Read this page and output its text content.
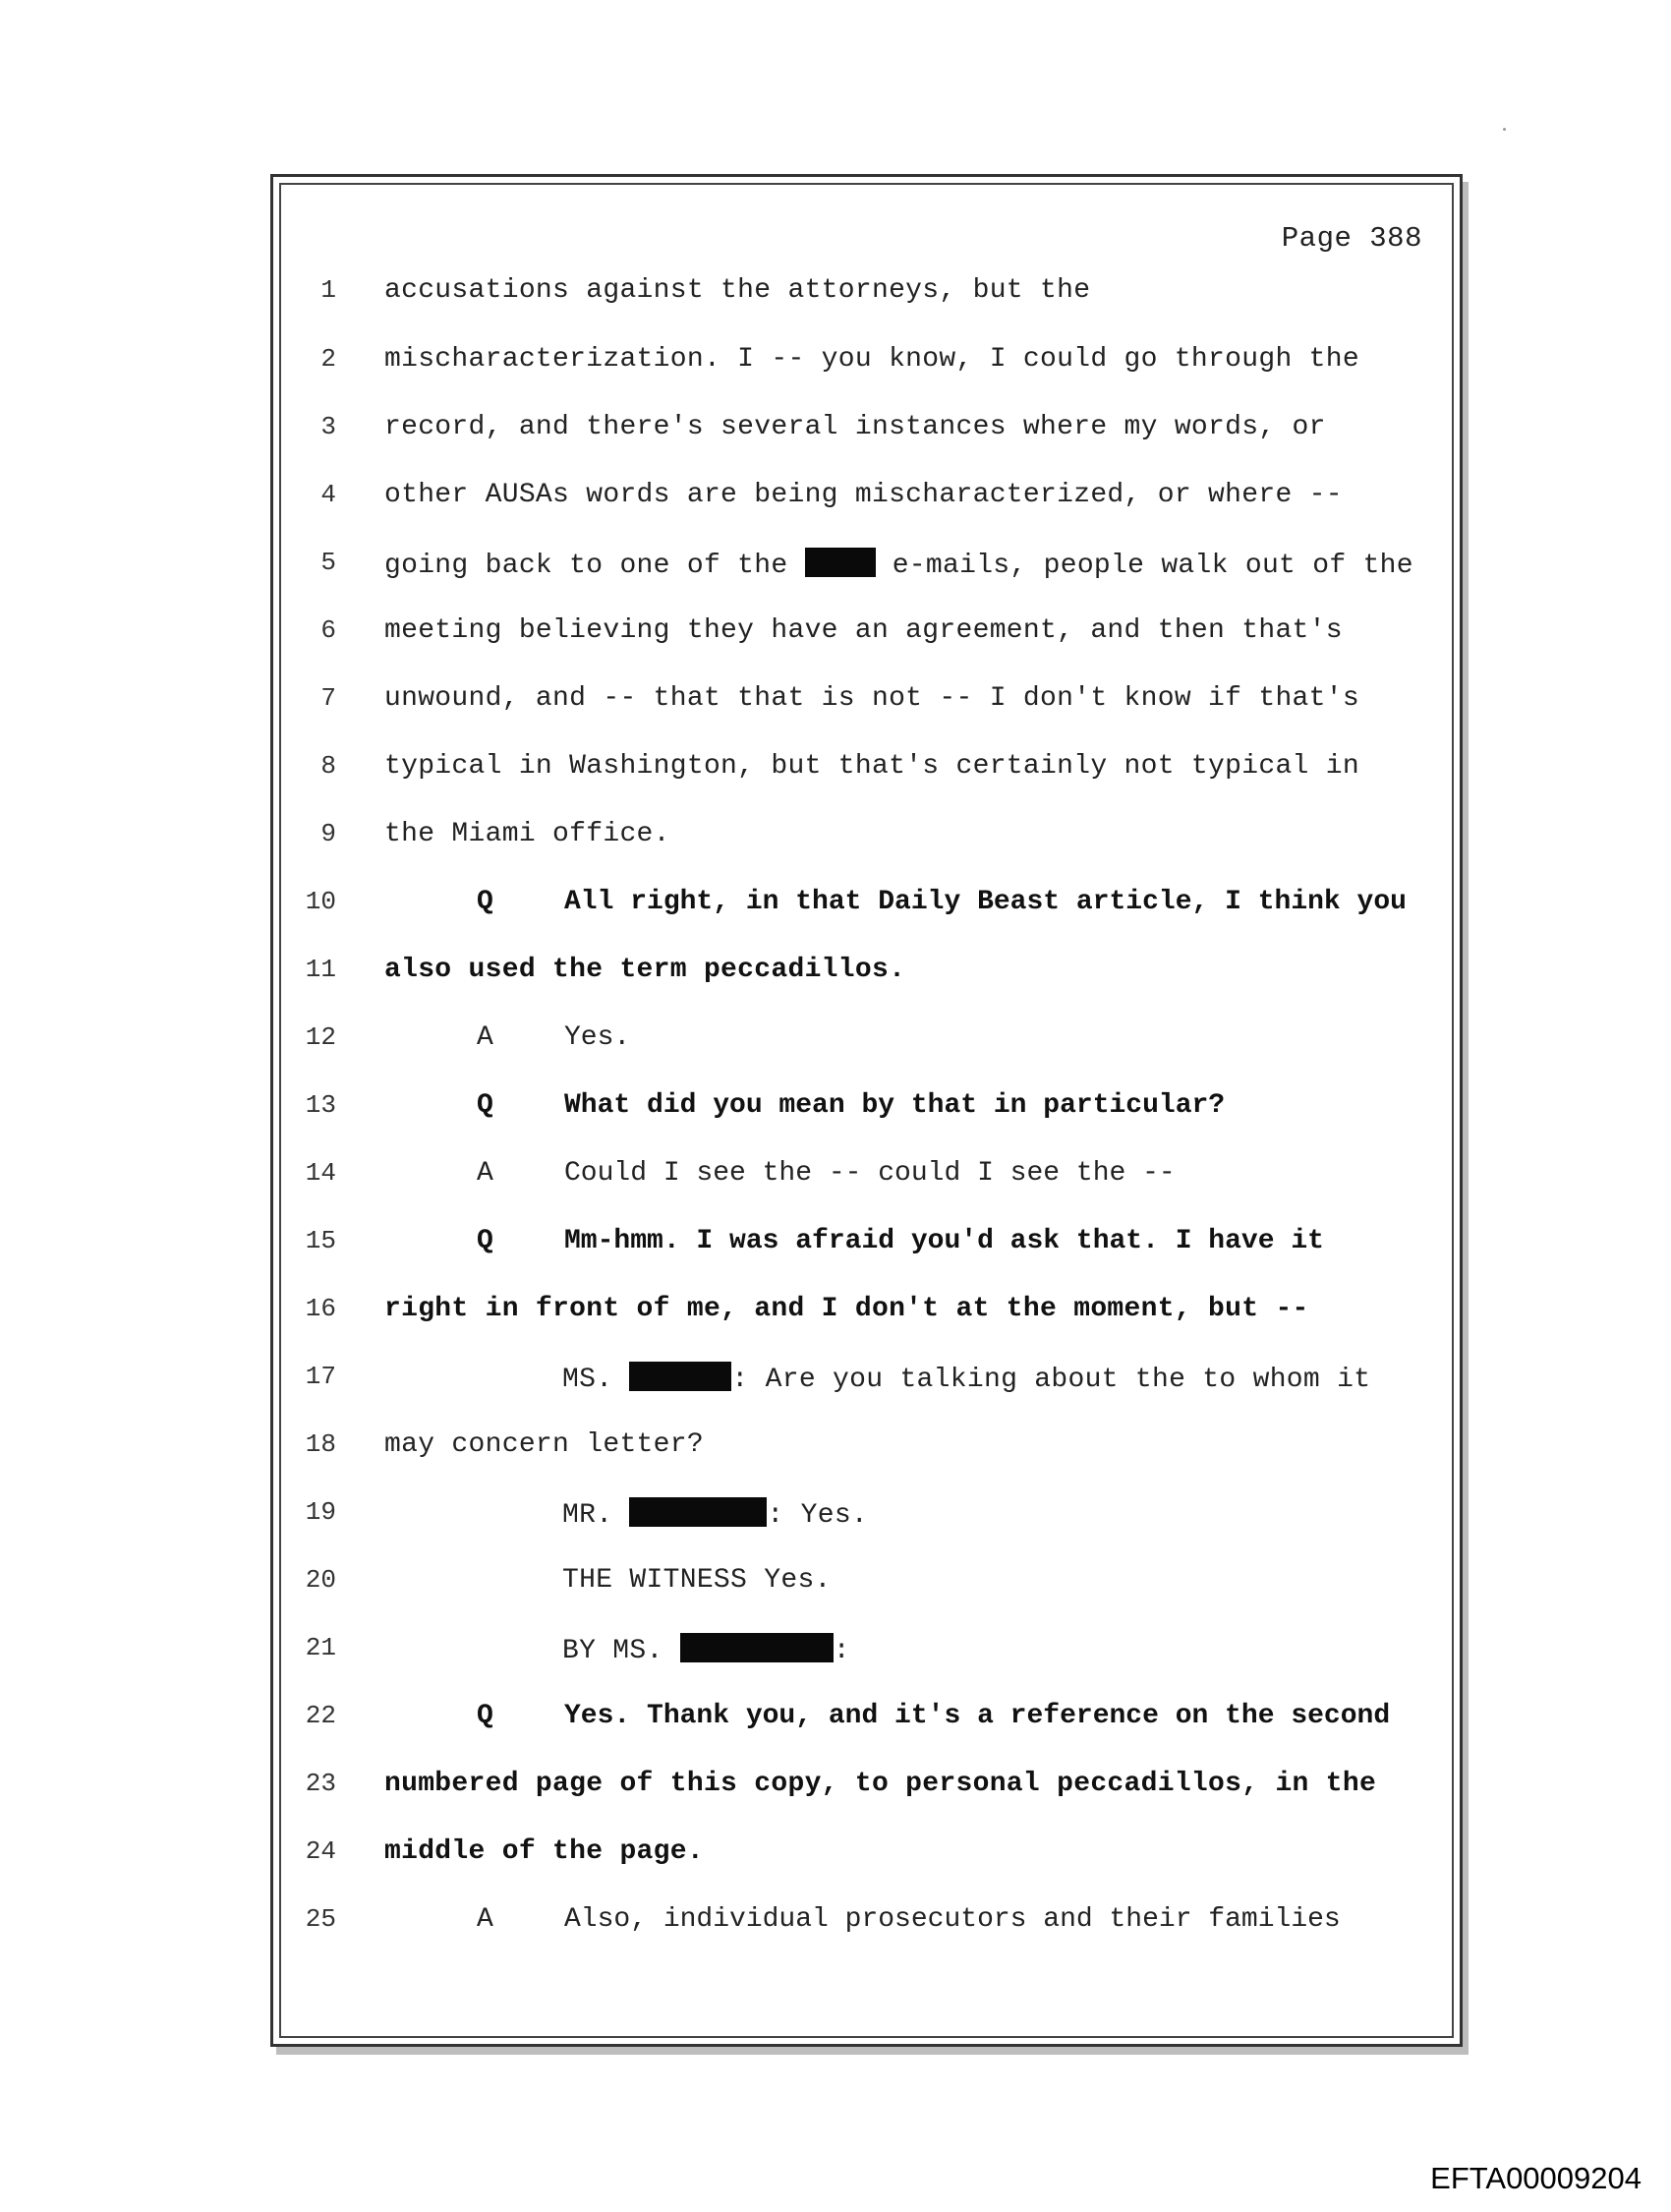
Page 388
1 accusations against the attorneys, but the
2 mischaracterization. I -- you know, I could go through the
3 record, and there's several instances where my words, or
4 other AUSAs words are being mischaracterized, or where --
5 going back to one of the	e-mails, people walk out of the
6 meeting believing they have an agreement, and then that's
7 unwound, and -- that that is not -- I don't know if that's
8 typical in Washington, but that's certainly not typical in
9 the Miami office.
10	Q	All right, in that Daily Beast article, I think you
11 also used the term peccadillos.
12	A	Yes.
13	Q	What did you mean by that in particular?
14	A	Could I see the -- could I see the --
15	Q	Mm-hmm. I was afraid you'd ask that. I have it
16 right in front of me, and I don't at the moment, but --
17	MS.	: Are you talking about the to whom it
18 may concern letter?
19	MR.	: Yes.
20	THE WITNESS Yes.
21	BY MS.	:
22	Q	Yes. Thank you, and it's a reference on the second
23 numbered page of this copy, to personal peccadillos, in the
24 middle of the page.
25	A	Also, individual prosecutors and their families
EFTA00009204
